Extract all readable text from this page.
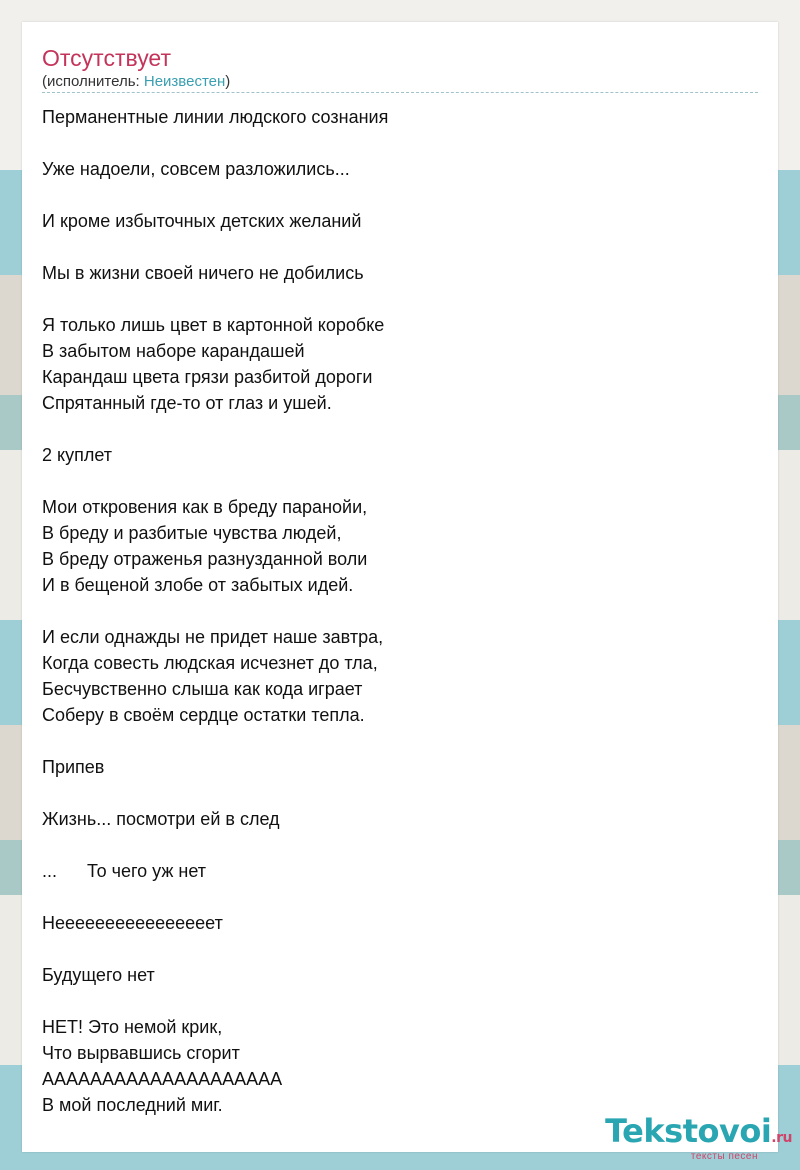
Отсутствует
(исполнитель: Неизвестен)
Перманентные линии людского сознания
Уже надоели, совсем разложились...
И кроме избыточных детских желаний
Мы в жизни своей ничего не добились
Я только лишь цвет в картонной коробке
В забытом наборе карандашей
Карандаш цвета грязи разбитой дороги
Спрятанный где-то от глаз и ушей.
2 куплет
Мои откровения как в бреду паранойи,
В бреду и разбитые чувства людей,
В бреду отраженья разнузданной воли
И в бещеной злобе от забытых идей.
И если однажды не придет наше завтра,
Когда совесть людская исчезнет до тла,
Бесчувственно слыша как кода играет
Соберу в своём сердце остатки тепла.
Припев
Жизнь... посмотри ей в след
...      То чего уж нет
Неееееееееееееееет
Будущего нет
НЕТ! Это немой крик,
Что вырвавшись сгорит
АААААААААААААААААААА
В мой последний миг.
Tekstovoi.ru
тексты песен
